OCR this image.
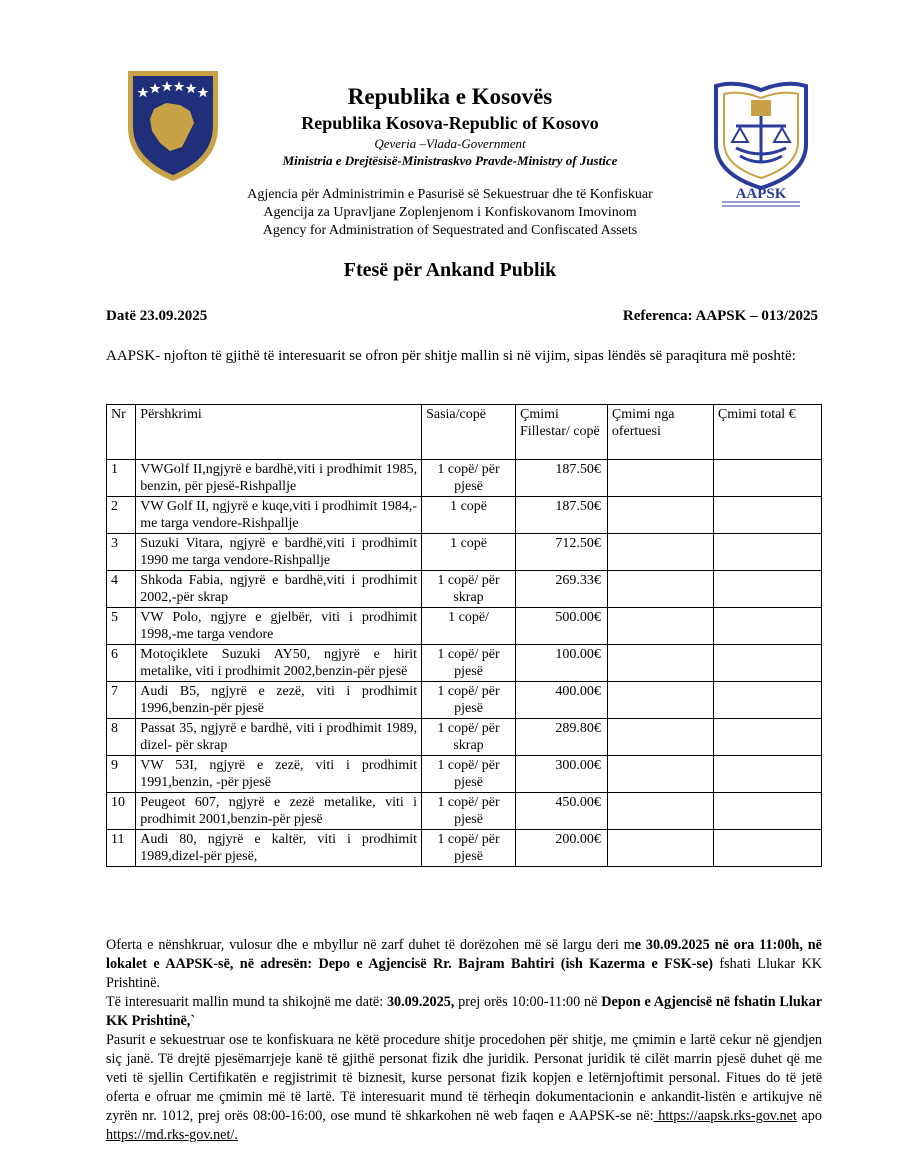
AAPSK
Republika e Kosovës
Republika Kosova-Republic of Kosovo
Qeveria –Vlada-Government
Ministria e Drejtësisë-Ministraskvo Pravde-Ministry of Justice
Agjencia për Administrimin e Pasurisë së Sekuestruar dhe të Konfiskuar
Agencija za Upravljane Zoplenjenom i Konfiskovanom Imovinom
Agency for Administration of Sequestrated and Confiscated Assets
Ftesë për Ankand Publik
Datë 23.09.2025	Referenca: AAPSK – 013/2025
AAPSK- njofton të gjithë të interesuarit se ofron për shitje mallin si në vijim, sipas lëndës së paraqitura më poshtë:
Nr	Përshkrimi	Sasia/copë	Çmimi Fillestar/ copë	Çmimi nga ofertuesi	Çmimi total €
1	VWGolf II,ngjyrë e bardhë,viti i prodhimit 1985, benzin, për pjesë-Rishpallje	1 copë/ për pjesë	187.50€		
2	VW Golf II, ngjyrë e kuqe,viti i prodhimit 1984,-me targa vendore-Rishpallje	1 copë	187.50€		
3	Suzuki Vitara, ngjyrë e bardhë,viti i prodhimit 1990 me targa vendore-Rishpallje	1 copë	712.50€		
4	Shkoda Fabia, ngjyrë e bardhë,viti i prodhimit 2002,-për skrap	1 copë/ për skrap	269.33€		
5	VW Polo, ngjyre e gjelbër, viti i prodhimit 1998,-me targa vendore	1 copë/	500.00€		
6	Motoçiklete Suzuki AY50, ngjyrë e hirit metalike, viti i prodhimit 2002,benzin-për pjesë	1 copë/ për pjesë	100.00€		
7	Audi B5, ngjyrë e zezë, viti i prodhimit 1996,benzin-për pjesë	1 copë/ për pjesë	400.00€		
8	Passat 35, ngjyrë e bardhë, viti i prodhimit 1989, dizel- për skrap	1 copë/ për skrap	289.80€		
9	VW 53I, ngjyrë e zezë, viti i prodhimit 1991,benzin, -për pjesë	1 copë/ për pjesë	300.00€		
10	Peugeot 607, ngjyrë e zezë metalike, viti i prodhimit 2001,benzin-për pjesë	1 copë/ për pjesë	450.00€		
11	Audi 80, ngjyrë e kaltër, viti i prodhimit 1989,dizel-për pjesë,	1 copë/ për pjesë	200.00€		

Oferta e nënshkruar, vulosur dhe e mbyllur në zarf duhet të dorëzohen më së largu deri me 30.09.2025 në ora 11:00h, në lokalet e AAPSK-së, në adresën: Depo e Agjencisë Rr. Bajram Bahtiri (ish Kazerma e FSK-se) fshati Llukar KK Prishtinë.

Të interesuarit mallin mund ta shikojnë me datë: 30.09.2025, prej orës 10:00-11:00 në Depon e Agjencisë në fshatin Llukar KK Prishtinë,`

Pasurit e sekuestruar ose te konfiskuara ne këtë procedure shitje procedohen për shitje, me çmimin e lartë cekur në gjendjen siç janë. Të drejtë pjesëmarrjeje kanë të gjithë personat fizik dhe juridik. Personat juridik të cilët marrin pjesë duhet që me veti të sjellin Certifikatën e regjistrimit të biznesit, kurse personat fizik kopjen e letërnjoftimit personal. Fitues do të jetë oferta e ofruar me çmimin më të lartë. Të interesuarit mund të tërheqin dokumentacionin e ankandit-listën e artikujve në zyrën nr. 1012, prej orës 08:00-16:00, ose mund të shkarkohen në web faqen e AAPSK-se në: https://aapsk.rks-gov.net apo https://md.rks-gov.net/.
